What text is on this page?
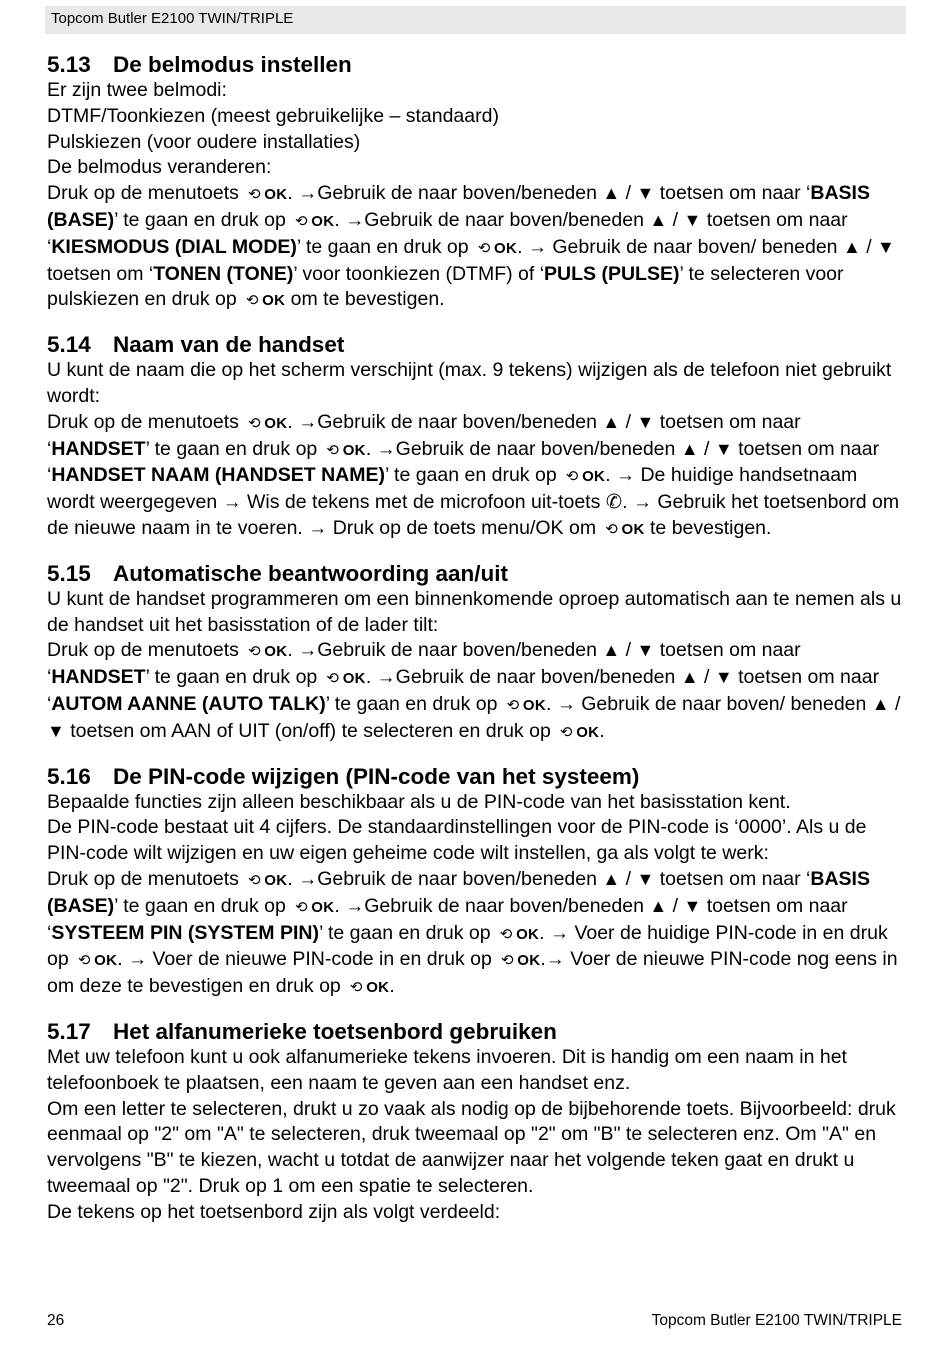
Topcom Butler E2100 TWIN/TRIPLE
5.13 De belmodus instellen

Er zijn twee belmodi:

DTMF/Toonkiezen (meest gebruikelijke – standaard)

Pulskiezen (voor oudere installaties)

De belmodus veranderen:

Druk op de menutoets ⟲ OK. →Gebruik de naar boven/beneden ▲ / ▼ toetsen om naar ‘BASIS (BASE)’ te gaan en druk op ⟲ OK. →Gebruik de naar boven/beneden ▲ / ▼ toetsen om naar ‘KIESMODUS (DIAL MODE)’ te gaan en druk op ⟲ OK. → Gebruik de naar boven/ beneden ▲ / ▼ toetsen om ‘TONEN (TONE)’ voor toonkiezen (DTMF) of ‘PULS (PULSE)’ te selecteren voor pulskiezen en druk op ⟲ OK om te bevestigen.

5.14 Naam van de handset

U kunt de naam die op het scherm verschijnt (max. 9 tekens) wijzigen als de telefoon niet gebruikt wordt:

Druk op de menutoets ⟲ OK. →Gebruik de naar boven/beneden ▲ / ▼ toetsen om naar ‘HANDSET’ te gaan en druk op ⟲ OK. →Gebruik de naar boven/beneden ▲ / ▼ toetsen om naar ‘HANDSET NAAM (HANDSET NAME)’ te gaan en druk op ⟲ OK. → De huidige handsetnaam wordt weergegeven → Wis de tekens met de microfoon uit-toets ✆. → Gebruik het toetsenbord om de nieuwe naam in te voeren. → Druk op de toets menu/OK om ⟲ OK te bevestigen.

5.15 Automatische beantwoording aan/uit

U kunt de handset programmeren om een binnenkomende oproep automatisch aan te nemen als u de handset uit het basisstation of de lader tilt:

Druk op de menutoets ⟲ OK. →Gebruik de naar boven/beneden ▲ / ▼ toetsen om naar ‘HANDSET’ te gaan en druk op ⟲ OK. →Gebruik de naar boven/beneden ▲ / ▼ toetsen om naar ‘AUTOM AANNE (AUTO TALK)’ te gaan en druk op ⟲ OK. → Gebruik de naar boven/ beneden ▲ / ▼ toetsen om AAN of UIT (on/off) te selecteren en druk op ⟲ OK.

5.16 De PIN-code wijzigen (PIN-code van het systeem)

Bepaalde functies zijn alleen beschikbaar als u de PIN-code van het basisstation kent.

De PIN-code bestaat uit 4 cijfers. De standaardinstellingen voor de PIN-code is ‘0000’. Als u de PIN-code wilt wijzigen en uw eigen geheime code wilt instellen, ga als volgt te werk:

Druk op de menutoets ⟲ OK. →Gebruik de naar boven/beneden ▲ / ▼ toetsen om naar ‘BASIS (BASE)’ te gaan en druk op ⟲ OK. →Gebruik de naar boven/beneden ▲ / ▼ toetsen om naar ‘SYSTEEM PIN (SYSTEM PIN)’ te gaan en druk op ⟲ OK. → Voer de huidige PIN-code in en druk op ⟲ OK. → Voer de nieuwe PIN-code in en druk op ⟲ OK.→ Voer de nieuwe PIN-code nog eens in om deze te bevestigen en druk op ⟲ OK.

5.17 Het alfanumerieke toetsenbord gebruiken

Met uw telefoon kunt u ook alfanumerieke tekens invoeren. Dit is handig om een naam in het telefoonboek te plaatsen, een naam te geven aan een handset enz.

Om een letter te selecteren, drukt u zo vaak als nodig op de bijbehorende toets. Bijvoorbeeld: druk eenmaal op "2" om "A" te selecteren, druk tweemaal op "2" om "B" te selecteren enz. Om "A" en vervolgens "B" te kiezen, wacht u totdat de aanwijzer naar het volgende teken gaat en drukt u tweemaal op "2". Druk op 1 om een spatie te selecteren.

De tekens op het toetsenbord zijn als volgt verdeeld:

26	Topcom Butler E2100 TWIN/TRIPLE
